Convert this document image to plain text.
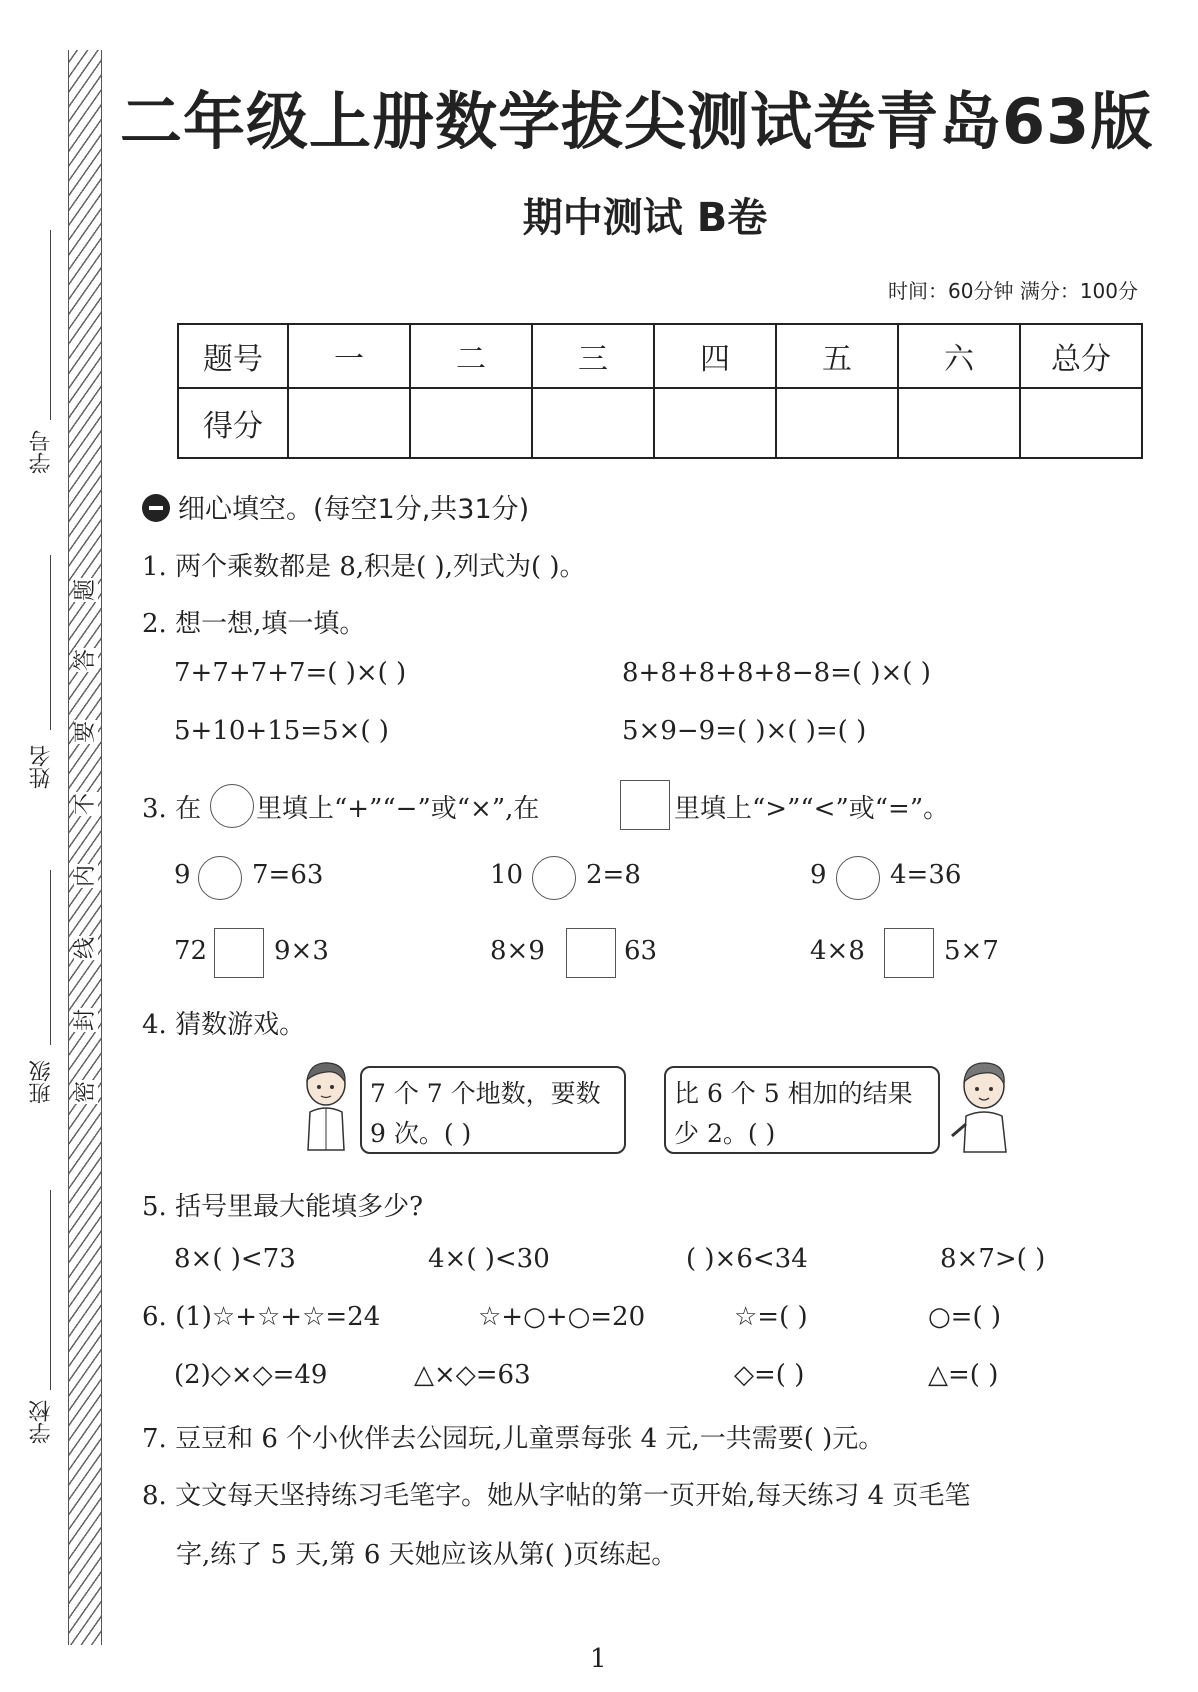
学号
姓名
班级
学校
题
答
要
不
内
线
封
密
二年级上册数学拔尖测试卷青岛63版
期中测试 B卷
时间：60分钟 满分：100分
题号	一	二	三	四	五	六	总分
得分							
细心填空。(每空1分,共31分)
1. 两个乘数都是 8,积是( ),列式为( )。
2. 想一想,填一填。
7+7+7+7=( )×( )	8+8+8+8+8−8=( )×( )
5+10+15=5×( )	5×9−9=( )×( )=( )
3. 在 里填上“+”“−”或“×”,在	里填上“>”“<”或“=”。
9 7=63	10 2=8	9 4=36
72	9×3	8×9	63	4×8	5×7
4. 猜数游戏。
7 个 7 个地数，要数
9 次。( )
比 6 个 5 相加的结果
少 2。( )
5. 括号里最大能填多少?
8×( )<73	4×( )<30	( )×6<34	8×7>( )
6. (1)☆+☆+☆=24	☆+○+○=20	☆=( )	○=( )
(2)◇×◇=49	△×◇=63	◇=( )	△=( )
7. 豆豆和 6 个小伙伴去公园玩,儿童票每张 4 元,一共需要( )元。
8. 文文每天坚持练习毛笔字。她从字帖的第一页开始,每天练习 4 页毛笔
字,练了 5 天,第 6 天她应该从第( )页练起。
1
